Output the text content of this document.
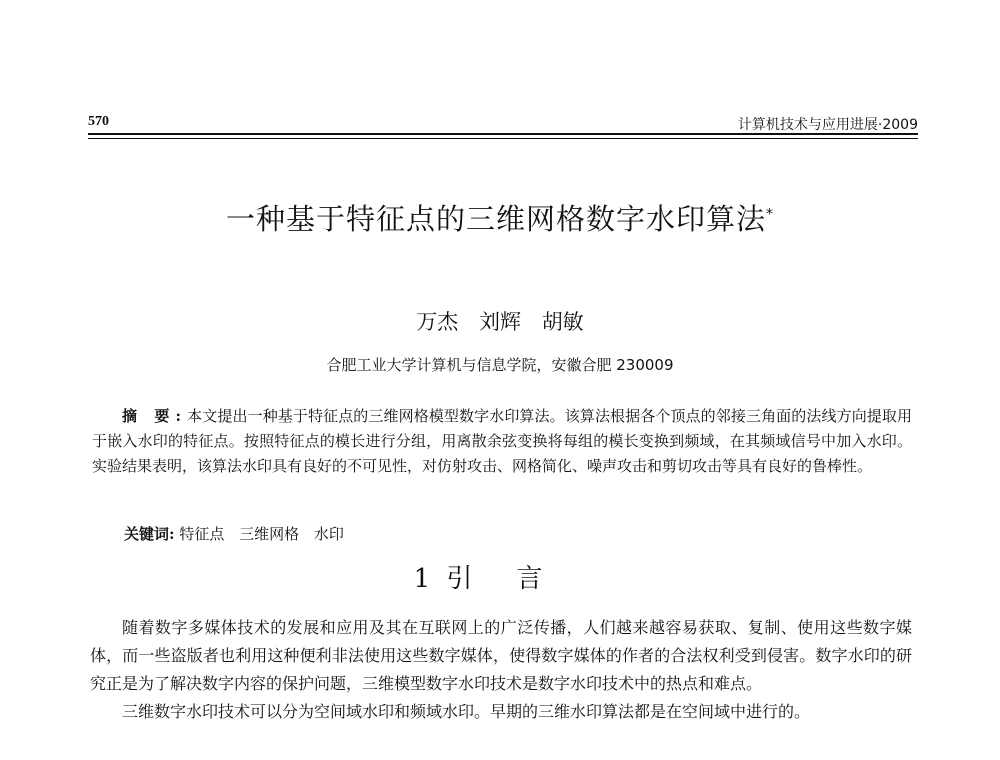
570	计算机技术与应用进展·2009
一种基于特征点的三维网格数字水印算法*
万杰 刘辉 胡敏
合肥工业大学计算机与信息学院，安徽合肥 230009
摘 要:本文提出一种基于特征点的三维网格模型数字水印算法。该算法根据各个顶点的邻接三角面的法线方向提取用于嵌入水印的特征点。按照特征点的模长进行分组，用离散余弦变换将每组的模长变换到频域，在其频域信号中加入水印。实验结果表明，该算法水印具有良好的不可见性，对仿射攻击、网格简化、噪声攻击和剪切攻击等具有良好的鲁棒性。
关键词: 特征点 三维网格 水印
1 引言

随着数字多媒体技术的发展和应用及其在互联网上的广泛传播，人们越来越容易获取、复制、使用这些数字媒体，而一些盗版者也利用这种便利非法使用这些数字媒体，使得数字媒体的作者的合法权利受到侵害。数字水印的研究正是为了解决数字内容的保护问题，三维模型数字水印技术是数字水印技术中的热点和难点。

三维数字水印技术可以分为空间域水印和频域水印。早期的三维水印算法都是在空间域中进行的。
